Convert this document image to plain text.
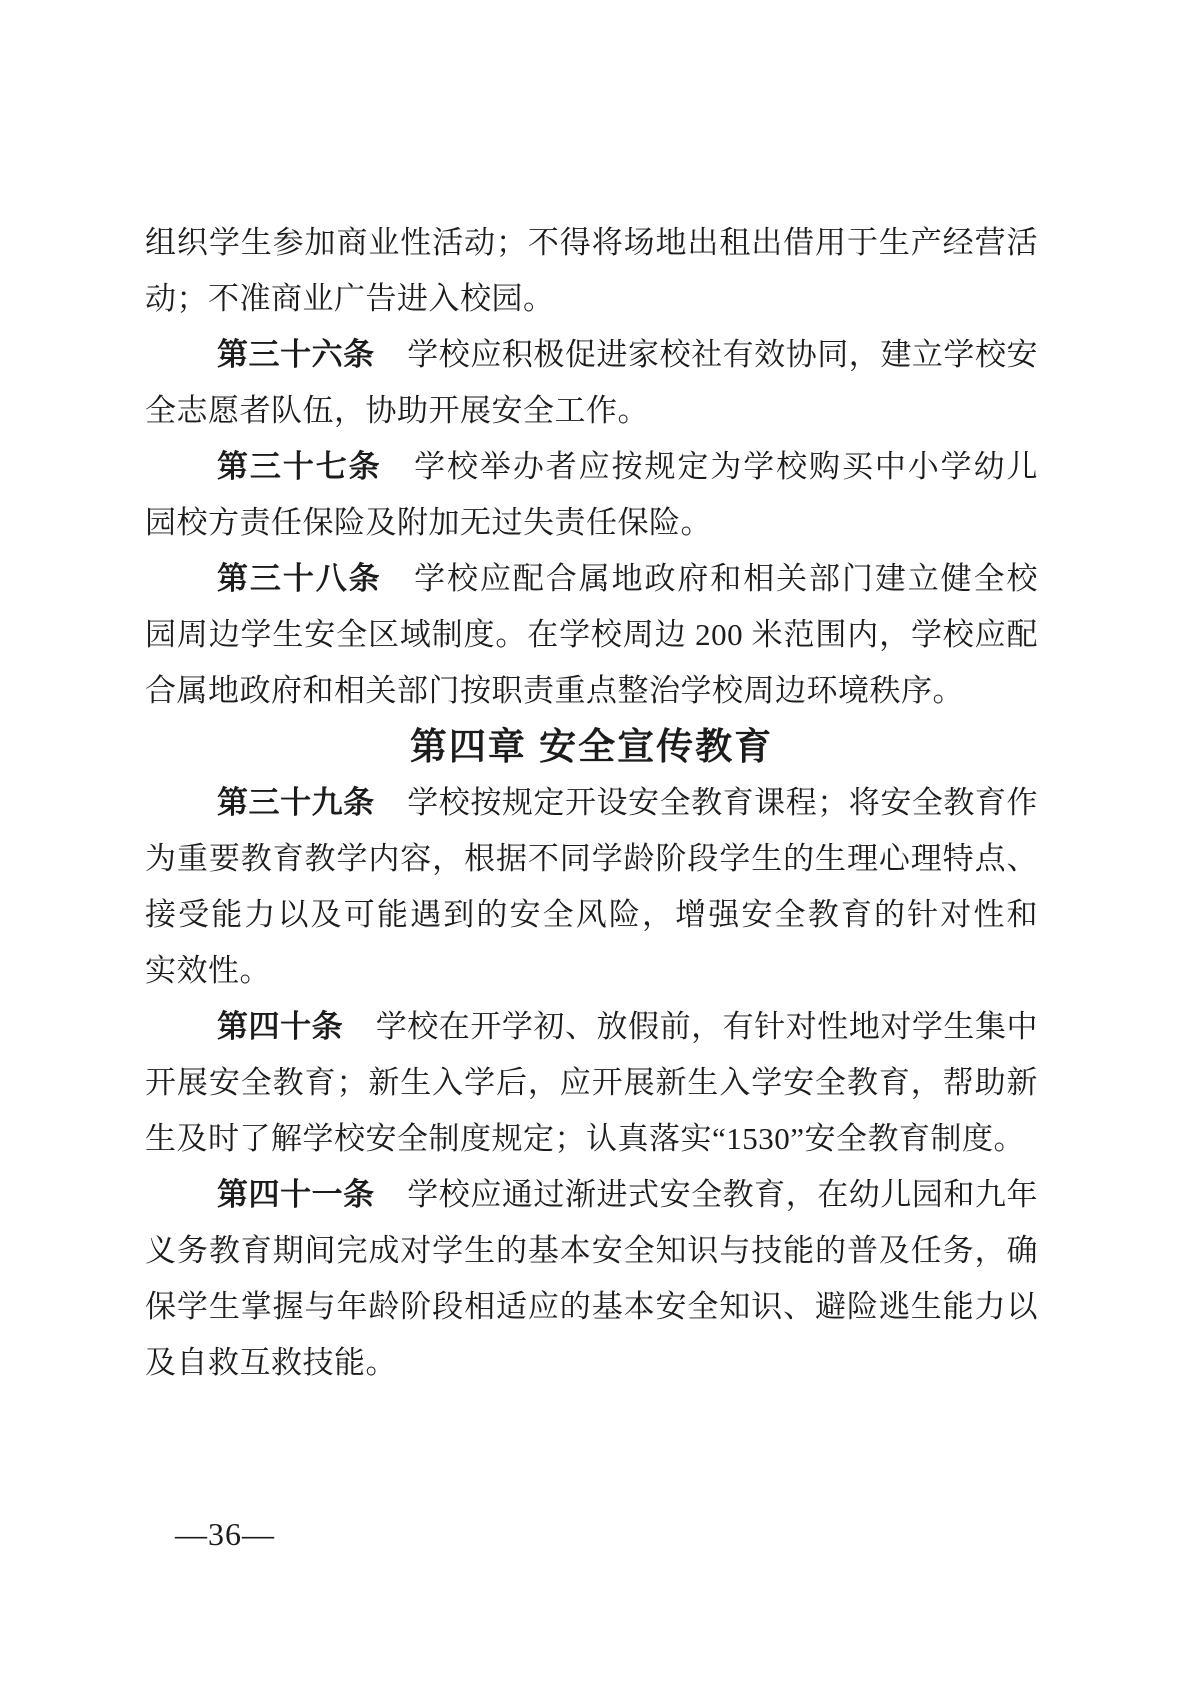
组织学生参加商业性活动；不得将场地出租出借用于生产经营活
动；不准商业广告进入校园。
第三十六条 学校应积极促进家校社有效协同，建立学校安
全志愿者队伍，协助开展安全工作。
第三十七条 学校举办者应按规定为学校购买中小学幼儿
园校方责任保险及附加无过失责任保险。
第三十八条 学校应配合属地政府和相关部门建立健全校
园周边学生安全区域制度。在学校周边 200 米范围内，学校应配
合属地政府和相关部门按职责重点整治学校周边环境秩序。
第四章 安全宣传教育
第三十九条 学校按规定开设安全教育课程；将安全教育作
为重要教育教学内容，根据不同学龄阶段学生的生理心理特点、
接受能力以及可能遇到的安全风险，增强安全教育的针对性和
实效性。
第四十条 学校在开学初、放假前，有针对性地对学生集中
开展安全教育；新生入学后，应开展新生入学安全教育，帮助新
生及时了解学校安全制度规定；认真落实“1530”安全教育制度。
第四十一条 学校应通过渐进式安全教育，在幼儿园和九年
义务教育期间完成对学生的基本安全知识与技能的普及任务，确
保学生掌握与年龄阶段相适应的基本安全知识、避险逃生能力以
及自救互救技能。
—36—
